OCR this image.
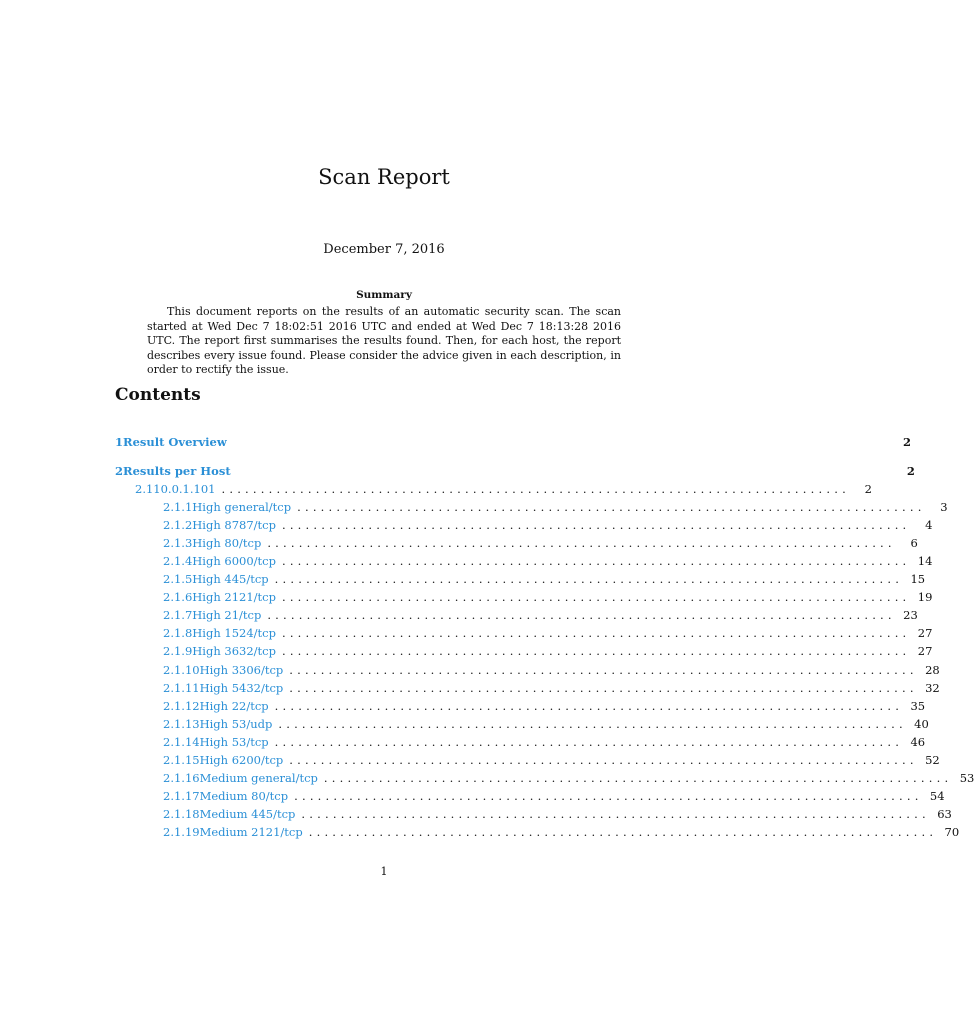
Scan Report
December 7, 2016
Summary
This document reports on the results of an automatic security scan. The scan started at Wed Dec 7 18:02:51 2016 UTC and ended at Wed Dec 7 18:13:28 2016 UTC. The report first summarises the results found. Then, for each host, the report describes every issue found. Please consider the advice given in each description, in order to rectify the issue.
Contents
1 Result Overview	2
2 Results per Host	2
2.1 10.0.1.101 ................................................................................	2
2.1.1 High general/tcp ................................................................................	3
2.1.2 High 8787/tcp ................................................................................	4
2.1.3 High 80/tcp ................................................................................	6
2.1.4 High 6000/tcp ................................................................................ 14
2.1.5 High 445/tcp ................................................................................ 15
2.1.6 High 2121/tcp ................................................................................ 19
2.1.7 High 21/tcp ................................................................................ 23
2.1.8 High 1524/tcp ................................................................................ 27
2.1.9 High 3632/tcp ................................................................................ 27
2.1.10 High 3306/tcp ................................................................................ 28
2.1.11 High 5432/tcp ................................................................................ 32
2.1.12 High 22/tcp ................................................................................ 35
2.1.13 High 53/udp ................................................................................ 40
2.1.14 High 53/tcp ................................................................................ 46
2.1.15 High 6200/tcp ................................................................................ 52
2.1.16 Medium general/tcp ................................................................................ 53
2.1.17 Medium 80/tcp ................................................................................ 54
2.1.18 Medium 445/tcp ................................................................................ 63
2.1.19 Medium 2121/tcp ................................................................................ 70
1
